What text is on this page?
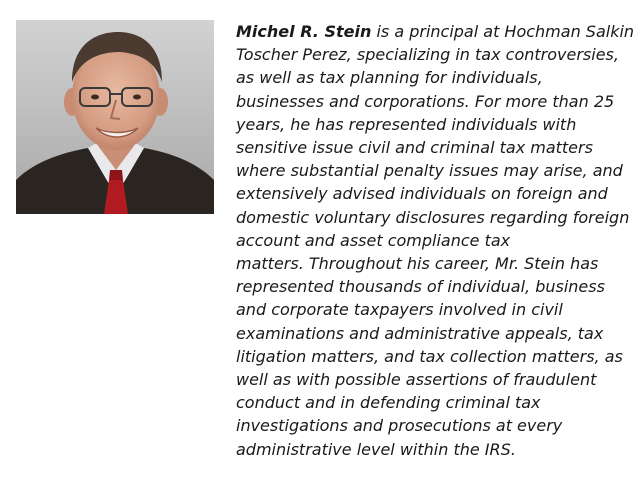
Michel R. Stein is a principal at Hochman Salkin
Toscher Perez, specializing in tax controversies,
as well as tax planning for individuals,
businesses and corporations. For more than 25
years, he has represented individuals with
sensitive issue civil and criminal tax matters
where substantial penalty issues may arise, and
extensively advised individuals on foreign and
domestic voluntary disclosures regarding foreign
account and asset compliance tax
matters. Throughout his career, Mr. Stein has
represented thousands of individual, business
and corporate taxpayers involved in civil
examinations and administrative appeals, tax
litigation matters, and tax collection matters, as
well as with possible assertions of fraudulent
conduct and in defending criminal tax
investigations and prosecutions at every
administrative level within the IRS.
